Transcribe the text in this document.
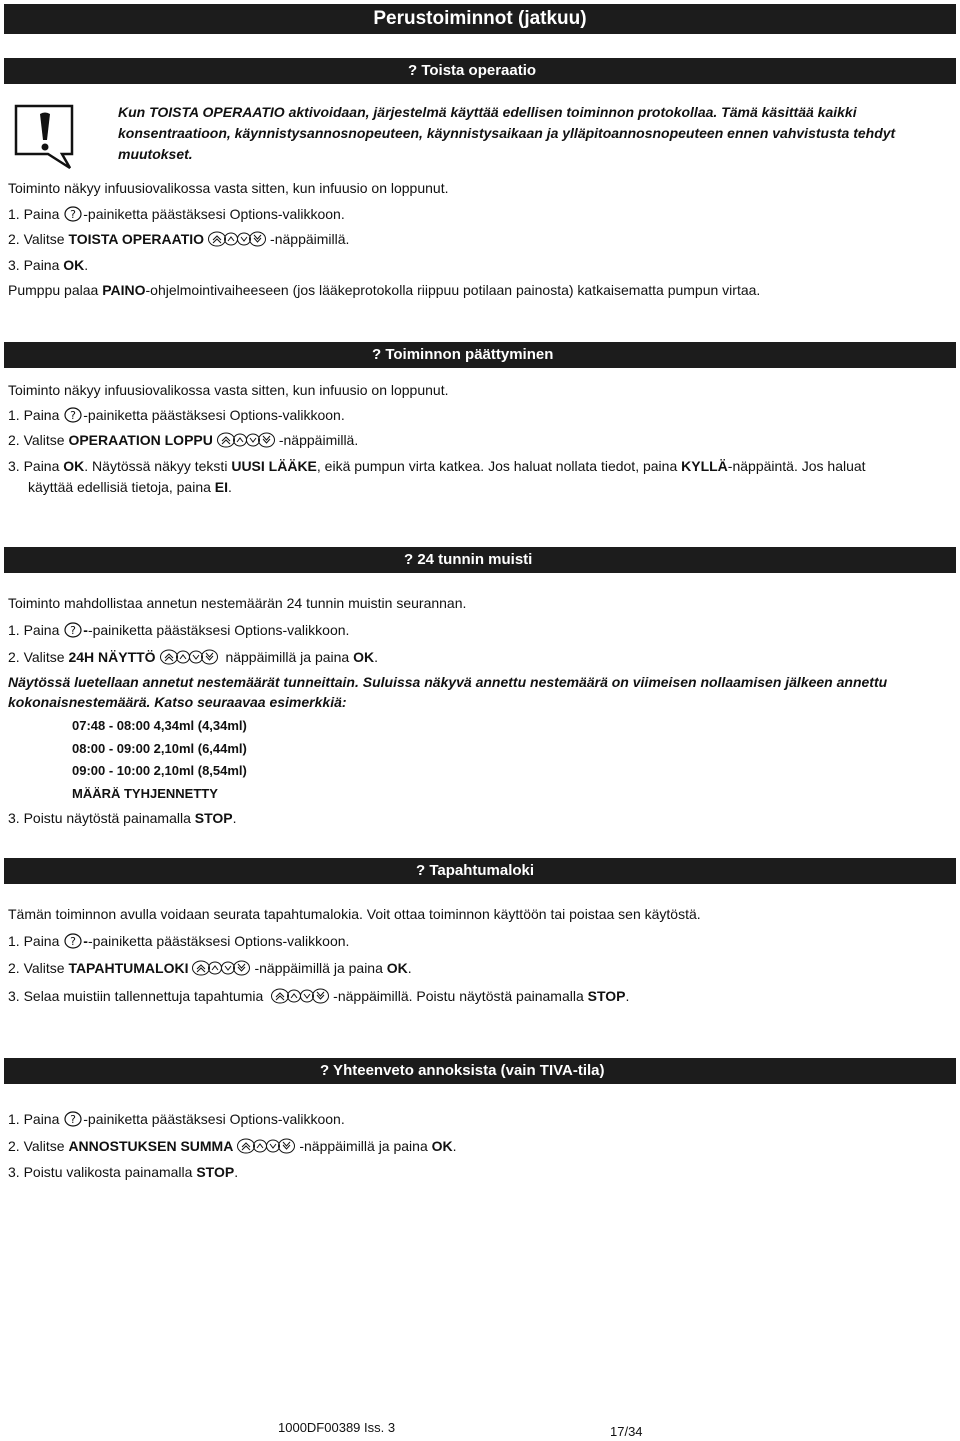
Perustoiminnot (jatkuu)
? Toista operaatio
Kun TOISTA OPERAATIO aktivoidaan, järjestelmä käyttää edellisen toiminnon protokollaa. Tämä käsittää kaikki konsentraatioon, käynnistysannosnopeuteen, käynnistysaikaan ja ylläpitoannosnopeuteen ennen vahvistusta tehdyt muutokset.
Toiminto näkyy infuusiovalikossa vasta sitten, kun infuusio on loppunut.
1. Paina -painiketta päästäksesi Options-valikkoon.
2. Valitse TOISTA OPERAATIO	-näppäimillä.
3. Paina OK.
Pumppu palaa PAINO-ohjelmointivaiheeseen (jos lääkeprotokolla riippuu potilaan painosta) katkaisematta pumpun virtaa.
? Toiminnon päättyminen
Toiminto näkyy infuusiovalikossa vasta sitten, kun infuusio on loppunut.
1. Paina -painiketta päästäksesi Options-valikkoon.
2. Valitse OPERAATION LOPPU	-näppäimillä.
3. Paina OK. Näytössä näkyy teksti UUSI LÄÄKE, eikä pumpun virta katkea. Jos haluat nollata tiedot, paina KYLLÄ-näppäintä. Jos haluat
käyttää edellisiä tietoja, paina EI.
? 24 tunnin muisti
Toiminto mahdollistaa annetun nestemäärän 24 tunnin muistin seurannan.
1. Paina --painiketta päästäksesi Options-valikkoon.
2. Valitse 24H NÄYTTÖ	näppäimillä ja paina OK.
Näytössä luetellaan annetut nestemäärät tunneittain. Suluissa näkyvä annettu nestemäärä on viimeisen nollaamisen jälkeen annettu
kokonaisnestemäärä. Katso seuraavaa esimerkkiä:
07:48 - 08:00 4,34ml (4,34ml)
08:00 - 09:00 2,10ml (6,44ml)
09:00 - 10:00 2,10ml (8,54ml)
MÄÄRÄ TYHJENNETTY
3. Poistu näytöstä painamalla STOP.
? Tapahtumaloki
Tämän toiminnon avulla voidaan seurata tapahtumalokia. Voit ottaa toiminnon käyttöön tai poistaa sen käytöstä.
1. Paina --painiketta päästäksesi Options-valikkoon.
2. Valitse TAPAHTUMALOKI	-näppäimillä ja paina OK.
3. Selaa muistiin tallennettuja tapahtumia	-näppäimillä. Poistu näytöstä painamalla STOP.
? Yhteenveto annoksista (vain TIVA-tila)
1. Paina -painiketta päästäksesi Options-valikkoon.
2. Valitse ANNOSTUKSEN SUMMA	-näppäimillä ja paina OK.
3. Poistu valikosta painamalla STOP.
1000DF00389 Iss. 3	17/34
